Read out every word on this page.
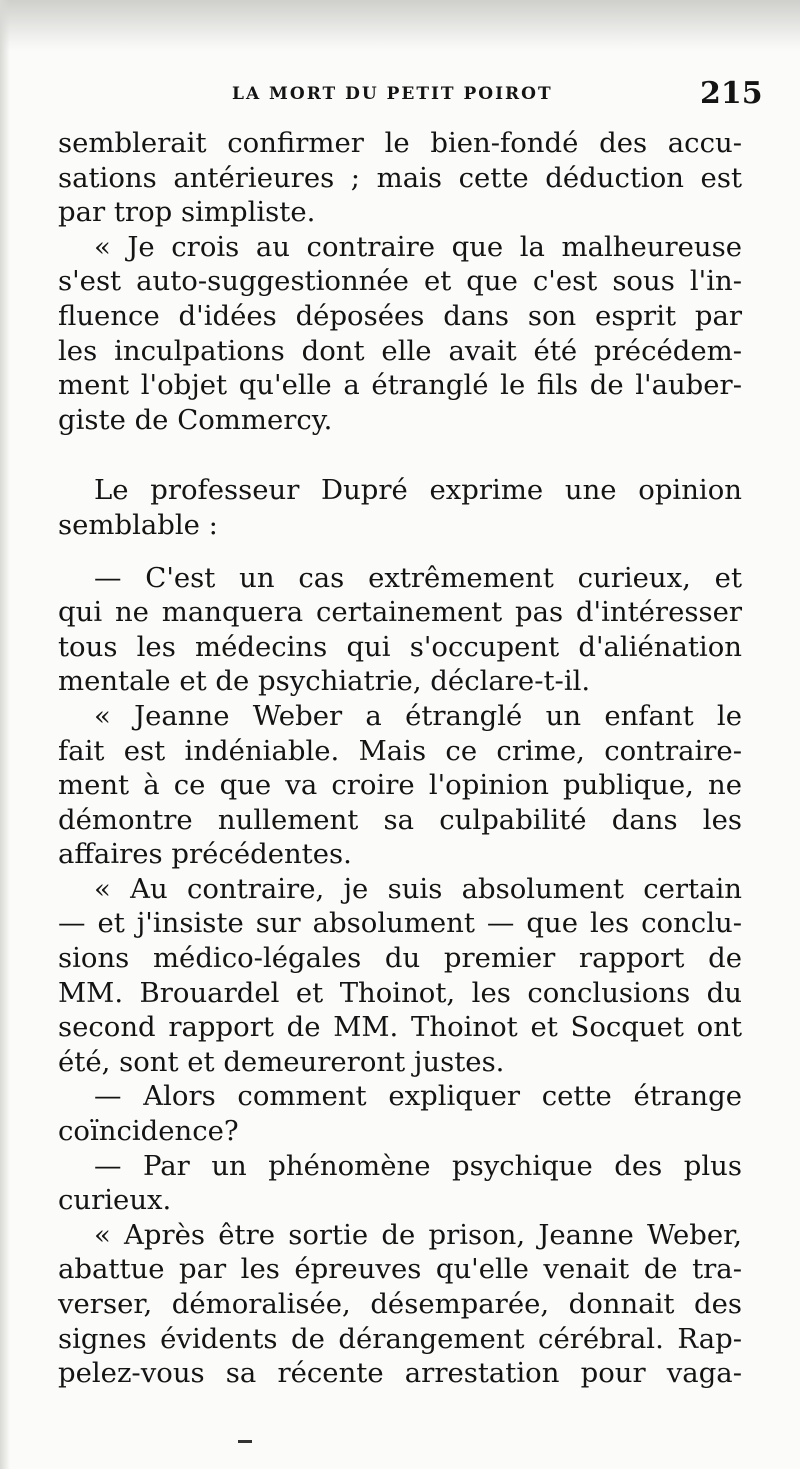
LA MORT DU PETIT POIROT	215
semblerait confirmer le bien-fondé des accu-
sations antérieures ; mais cette déduction est
par trop simpliste.
« Je crois au contraire que la malheureuse
s'est auto-suggestionnée et que c'est sous l'in-
fluence d'idées déposées dans son esprit par
les inculpations dont elle avait été précédem-
ment l'objet qu'elle a étranglé le fils de l'auber-
giste de Commercy.
Le professeur Dupré exprime une opinion
semblable :
— C'est un cas extrêmement curieux, et
qui ne manquera certainement pas d'intéresser
tous les médecins qui s'occupent d'aliénation
mentale et de psychiatrie, déclare-t-il.
« Jeanne Weber a étranglé un enfant le
fait est indéniable. Mais ce crime, contraire-
ment à ce que va croire l'opinion publique, ne
démontre nullement sa culpabilité dans les
affaires précédentes.
« Au contraire, je suis absolument certain
— et j'insiste sur absolument — que les conclu-
sions médico-légales du premier rapport de
MM. Brouardel et Thoinot, les conclusions du
second rapport de MM. Thoinot et Socquet ont
été, sont et demeureront justes.
— Alors comment expliquer cette étrange
coïncidence?
— Par un phénomène psychique des plus
curieux.
« Après être sortie de prison, Jeanne Weber,
abattue par les épreuves qu'elle venait de tra-
verser, démoralisée, désemparée, donnait des
signes évidents de dérangement cérébral. Rap-
pelez-vous sa récente arrestation pour vaga-
